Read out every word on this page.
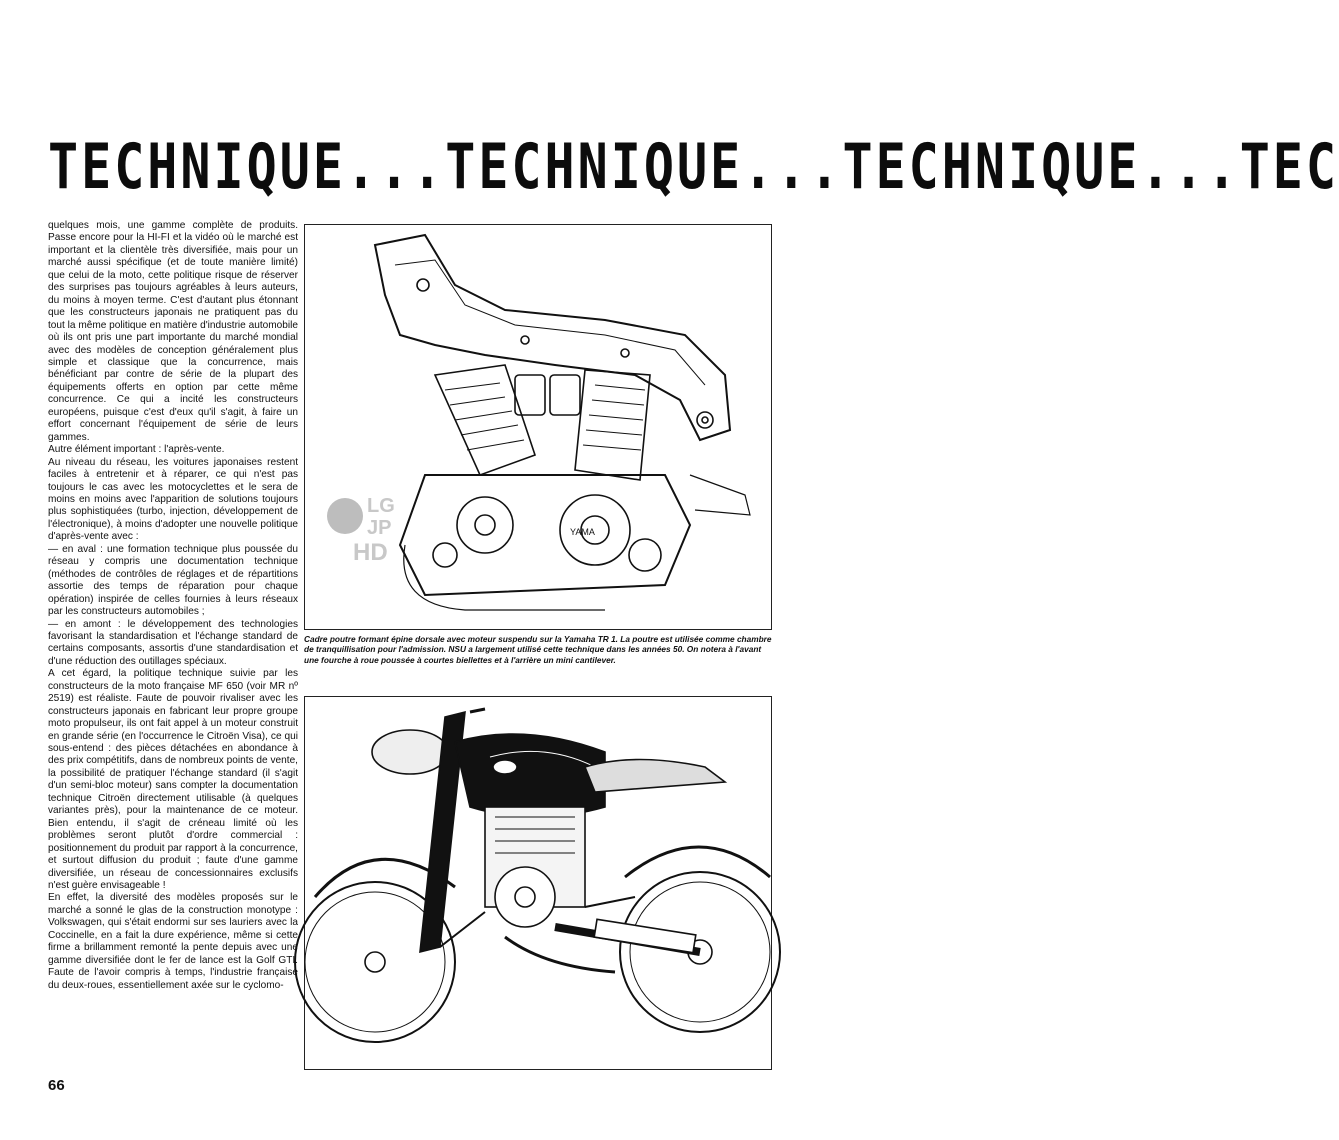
TECHNIQUE...TECHNIQUE...TECHNIQUE...TEC

quelques mois, une gamme complète de produits. Passe encore pour la HI-FI et la vidéo où le marché est important et la clientèle très diversifiée, mais pour un marché aussi spécifique (et de toute manière limité) que celui de la moto, cette politique risque de réserver des surprises pas toujours agréables à leurs auteurs, du moins à moyen terme. C'est d'autant plus étonnant que les constructeurs japonais ne pratiquent pas du tout la même politique en matière d'industrie automobile où ils ont pris une part importante du marché mondial avec des modèles de conception généralement plus simple et classique que la concurrence, mais bénéficiant par contre de série de la plupart des équipements offerts en option par cette même concurrence. Ce qui a incité les constructeurs européens, puisque c'est d'eux qu'il s'agit, à faire un effort concernant l'équipement de série de leurs gammes.

Autre élément important : l'après-vente.

Au niveau du réseau, les voitures japonaises restent faciles à entretenir et à réparer, ce qui n'est pas toujours le cas avec les motocyclettes et le sera de moins en moins avec l'apparition de solutions toujours plus sophistiquées (turbo, injection, développement de l'électronique), à moins d'adopter une nouvelle politique d'après-vente avec :

— en aval : une formation technique plus poussée du réseau y compris une documentation technique (méthodes de contrôles de réglages et de répartitions assortie des temps de réparation pour chaque opération) inspirée de celles fournies à leurs réseaux par les constructeurs automobiles ;

— en amont : le développement des technologies favorisant la standardisation et l'échange standard de certains composants, assortis d'une standardisation et d'une réduction des outillages spéciaux.

A cet égard, la politique technique suivie par les constructeurs de la moto française MF 650 (voir MR nº 2519) est réaliste. Faute de pouvoir rivaliser avec les constructeurs japonais en fabricant leur propre groupe moto propulseur, ils ont fait appel à un moteur construit en grande série (en l'occurrence le Citroën Visa), ce qui sous-entend : des pièces détachées en abondance à des prix compétitifs, dans de nombreux points de vente, la possibilité de pratiquer l'échange standard (il s'agit d'un semi-bloc moteur) sans compter la documentation technique Citroën directement utilisable (à quelques variantes près), pour la maintenance de ce moteur. Bien entendu, il s'agit de créneau limité où les problèmes seront plutôt d'ordre commercial : positionnement du produit par rapport à la concurrence, et surtout diffusion du produit ; faute d'une gamme diversifiée, un réseau de concessionnaires exclusifs n'est guère envisageable !

En effet, la diversité des modèles proposés sur le marché a sonné le glas de la construction monotype : Volkswagen, qui s'était endormi sur ses lauriers avec la Coccinelle, en a fait la dure expérience, même si cette firme a brillamment remonté la pente depuis avec une gamme diversifiée dont le fer de lance est la Golf GTI. Faute de l'avoir compris à temps, l'industrie française du deux-roues, essentiellement axée sur le cyclomo-

66
YAMA
LG
JP
HD
Cadre poutre formant épine dorsale avec moteur suspendu sur la Yamaha TR 1. La poutre est utilisée comme chambre de tranquillisation pour l'admission. NSU a largement utilisé cette technique dans les années 50. On notera à l'avant une fourche à roue poussée à courtes biellettes et à l'arrière un mini cantilever.
